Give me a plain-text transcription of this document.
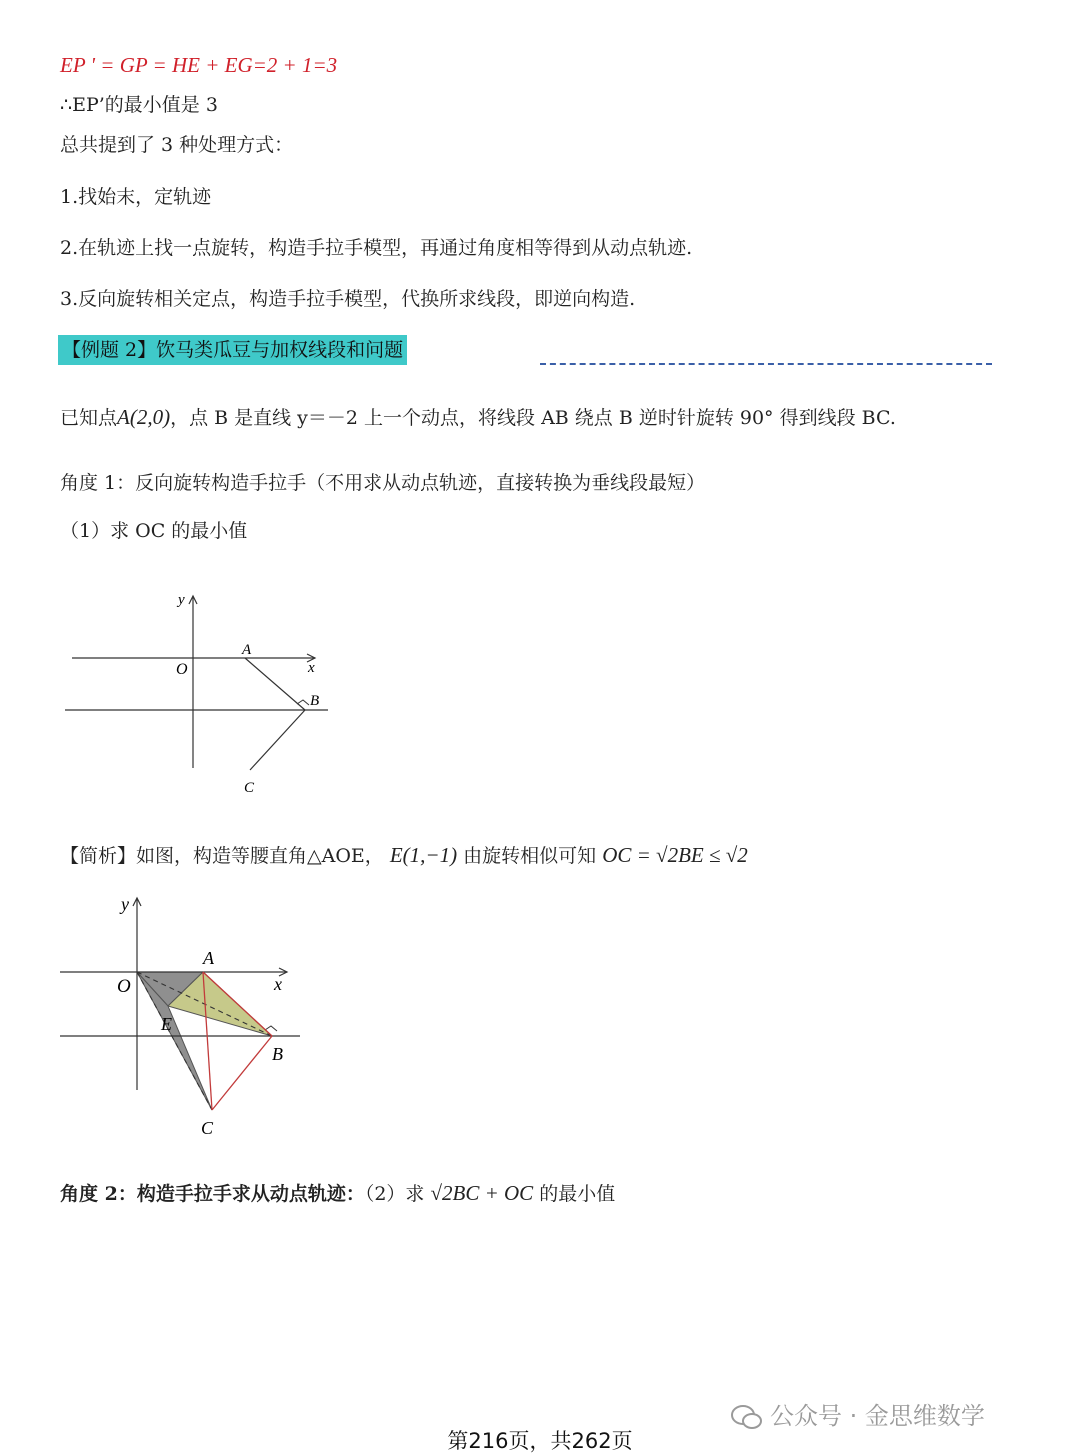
EP ' = GP = HE + EG=2 + 1=3
∴EP’的最小值是 3
总共提到了 3 种处理方式：
1.找始末，定轨迹
2.在轨迹上找一点旋转，构造手拉手模型，再通过角度相等得到从动点轨迹.
3.反向旋转相关定点，构造手拉手模型，代换所求线段，即逆向构造.
【例题 2】饮马类瓜豆与加权线段和问题
已知点A(2,0)，点 B 是直线 y＝－2 上一个动点，将线段 AB 绕点 B 逆时针旋转 90° 得到线段 BC.
角度 1：反向旋转构造手拉手（不用求从动点轨迹，直接转换为垂线段最短）
（1）求 OC 的最小值
y
x
O
A
B
C
【简析】如图，构造等腰直角△AOE， E(1,−1) 由旋转相似可知 OC = √2BE ≤ √2
y
x
O
A
E
B
C
角度 2：构造手拉手求从动点轨迹：（2）求 √2BC + OC 的最小值
公众号 · 金思维数学
第216页，共262页
